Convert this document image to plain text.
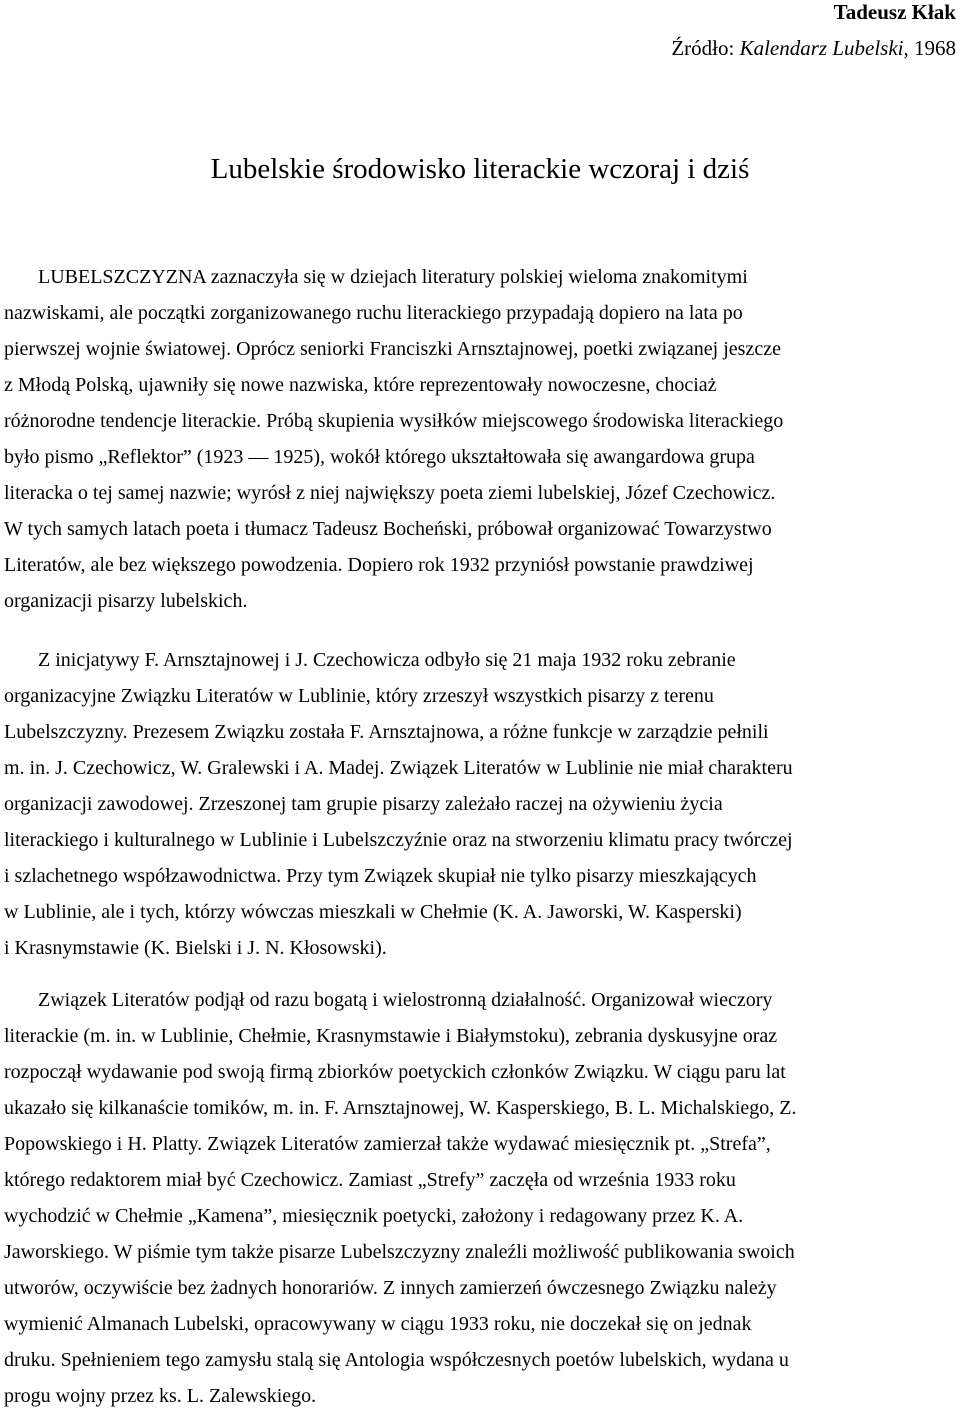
Tadeusz Kłak
Źródło: Kalendarz Lubelski, 1968
Lubelskie środowisko literackie wczoraj i dziś
LUBELSZCZYZNA zaznaczyła się w dziejach literatury polskiej wieloma znakomitymi
nazwiskami, ale początki zorganizowanego ruchu literackiego przypadają dopiero na lata po
pierwszej wojnie światowej. Oprócz seniorki Franciszki Arnsztajnowej, poetki związanej jeszcze
z Młodą Polską, ujawniły się nowe nazwiska, które reprezentowały nowoczesne, chociaż
różnorodne tendencje literackie. Próbą skupienia wysiłków miejscowego środowiska literackiego
było pismo „Reflektor” (1923 — 1925), wokół którego ukształtowała się awangardowa grupa
literacka o tej samej nazwie; wyrósł z niej największy poeta ziemi lubelskiej, Józef Czechowicz.
W tych samych latach poeta i tłumacz Tadeusz Bocheński, próbował organizować Towarzystwo
Literatów, ale bez większego powodzenia. Dopiero rok 1932 przyniósł powstanie prawdziwej
organizacji pisarzy lubelskich.
Z inicjatywy F. Arnsztajnowej i J. Czechowicza odbyło się 21 maja 1932 roku zebranie
organizacyjne Związku Literatów w Lublinie, który zrzeszył wszystkich pisarzy z terenu
Lubelszczyzny. Prezesem Związku została F. Arnsztajnowa, a różne funkcje w zarządzie pełnili
m. in. J. Czechowicz, W. Gralewski i A. Madej. Związek Literatów w Lublinie nie miał charakteru
organizacji zawodowej. Zrzeszonej tam grupie pisarzy zależało raczej na ożywieniu życia
literackiego i kulturalnego w Lublinie i Lubelszczyźnie oraz na stworzeniu klimatu pracy twórczej
i szlachetnego współzawodnictwa. Przy tym Związek skupiał nie tylko pisarzy mieszkających
w Lublinie, ale i tych, którzy wówczas mieszkali w Chełmie (K. A. Jaworski, W. Kasperski)
i Krasnymstawie (K. Bielski i J. N. Kłosowski).
Związek Literatów podjął od razu bogatą i wielostronną działalność. Organizował wieczory
literackie (m. in. w Lublinie, Chełmie, Krasnymstawie i Białymstoku), zebrania dyskusyjne oraz
rozpoczął wydawanie pod swoją firmą zbiorków poetyckich członków Związku. W ciągu paru lat
ukazało się kilkanaście tomików, m. in. F. Arnsztajnowej, W. Kasperskiego, B. L. Michalskiego, Z.
Popowskiego i H. Platty. Związek Literatów zamierzał także wydawać miesięcznik pt. „Strefa”,
którego redaktorem miał być Czechowicz. Zamiast „Strefy” zaczęła od września 1933 roku
wychodzić w Chełmie „Kamena”, miesięcznik poetycki, założony i redagowany przez K. A.
Jaworskiego. W piśmie tym także pisarze Lubelszczyzny znaleźli możliwość publikowania swoich
utworów, oczywiście bez żadnych honorariów. Z innych zamierzeń ówczesnego Związku należy
wymienić Almanach Lubelski, opracowywany w ciągu 1933 roku, nie doczekał się on jednak
druku. Spełnieniem tego zamysłu stalą się Antologia współczesnych poetów lubelskich, wydana u
progu wojny przez ks. L. Zalewskiego.
